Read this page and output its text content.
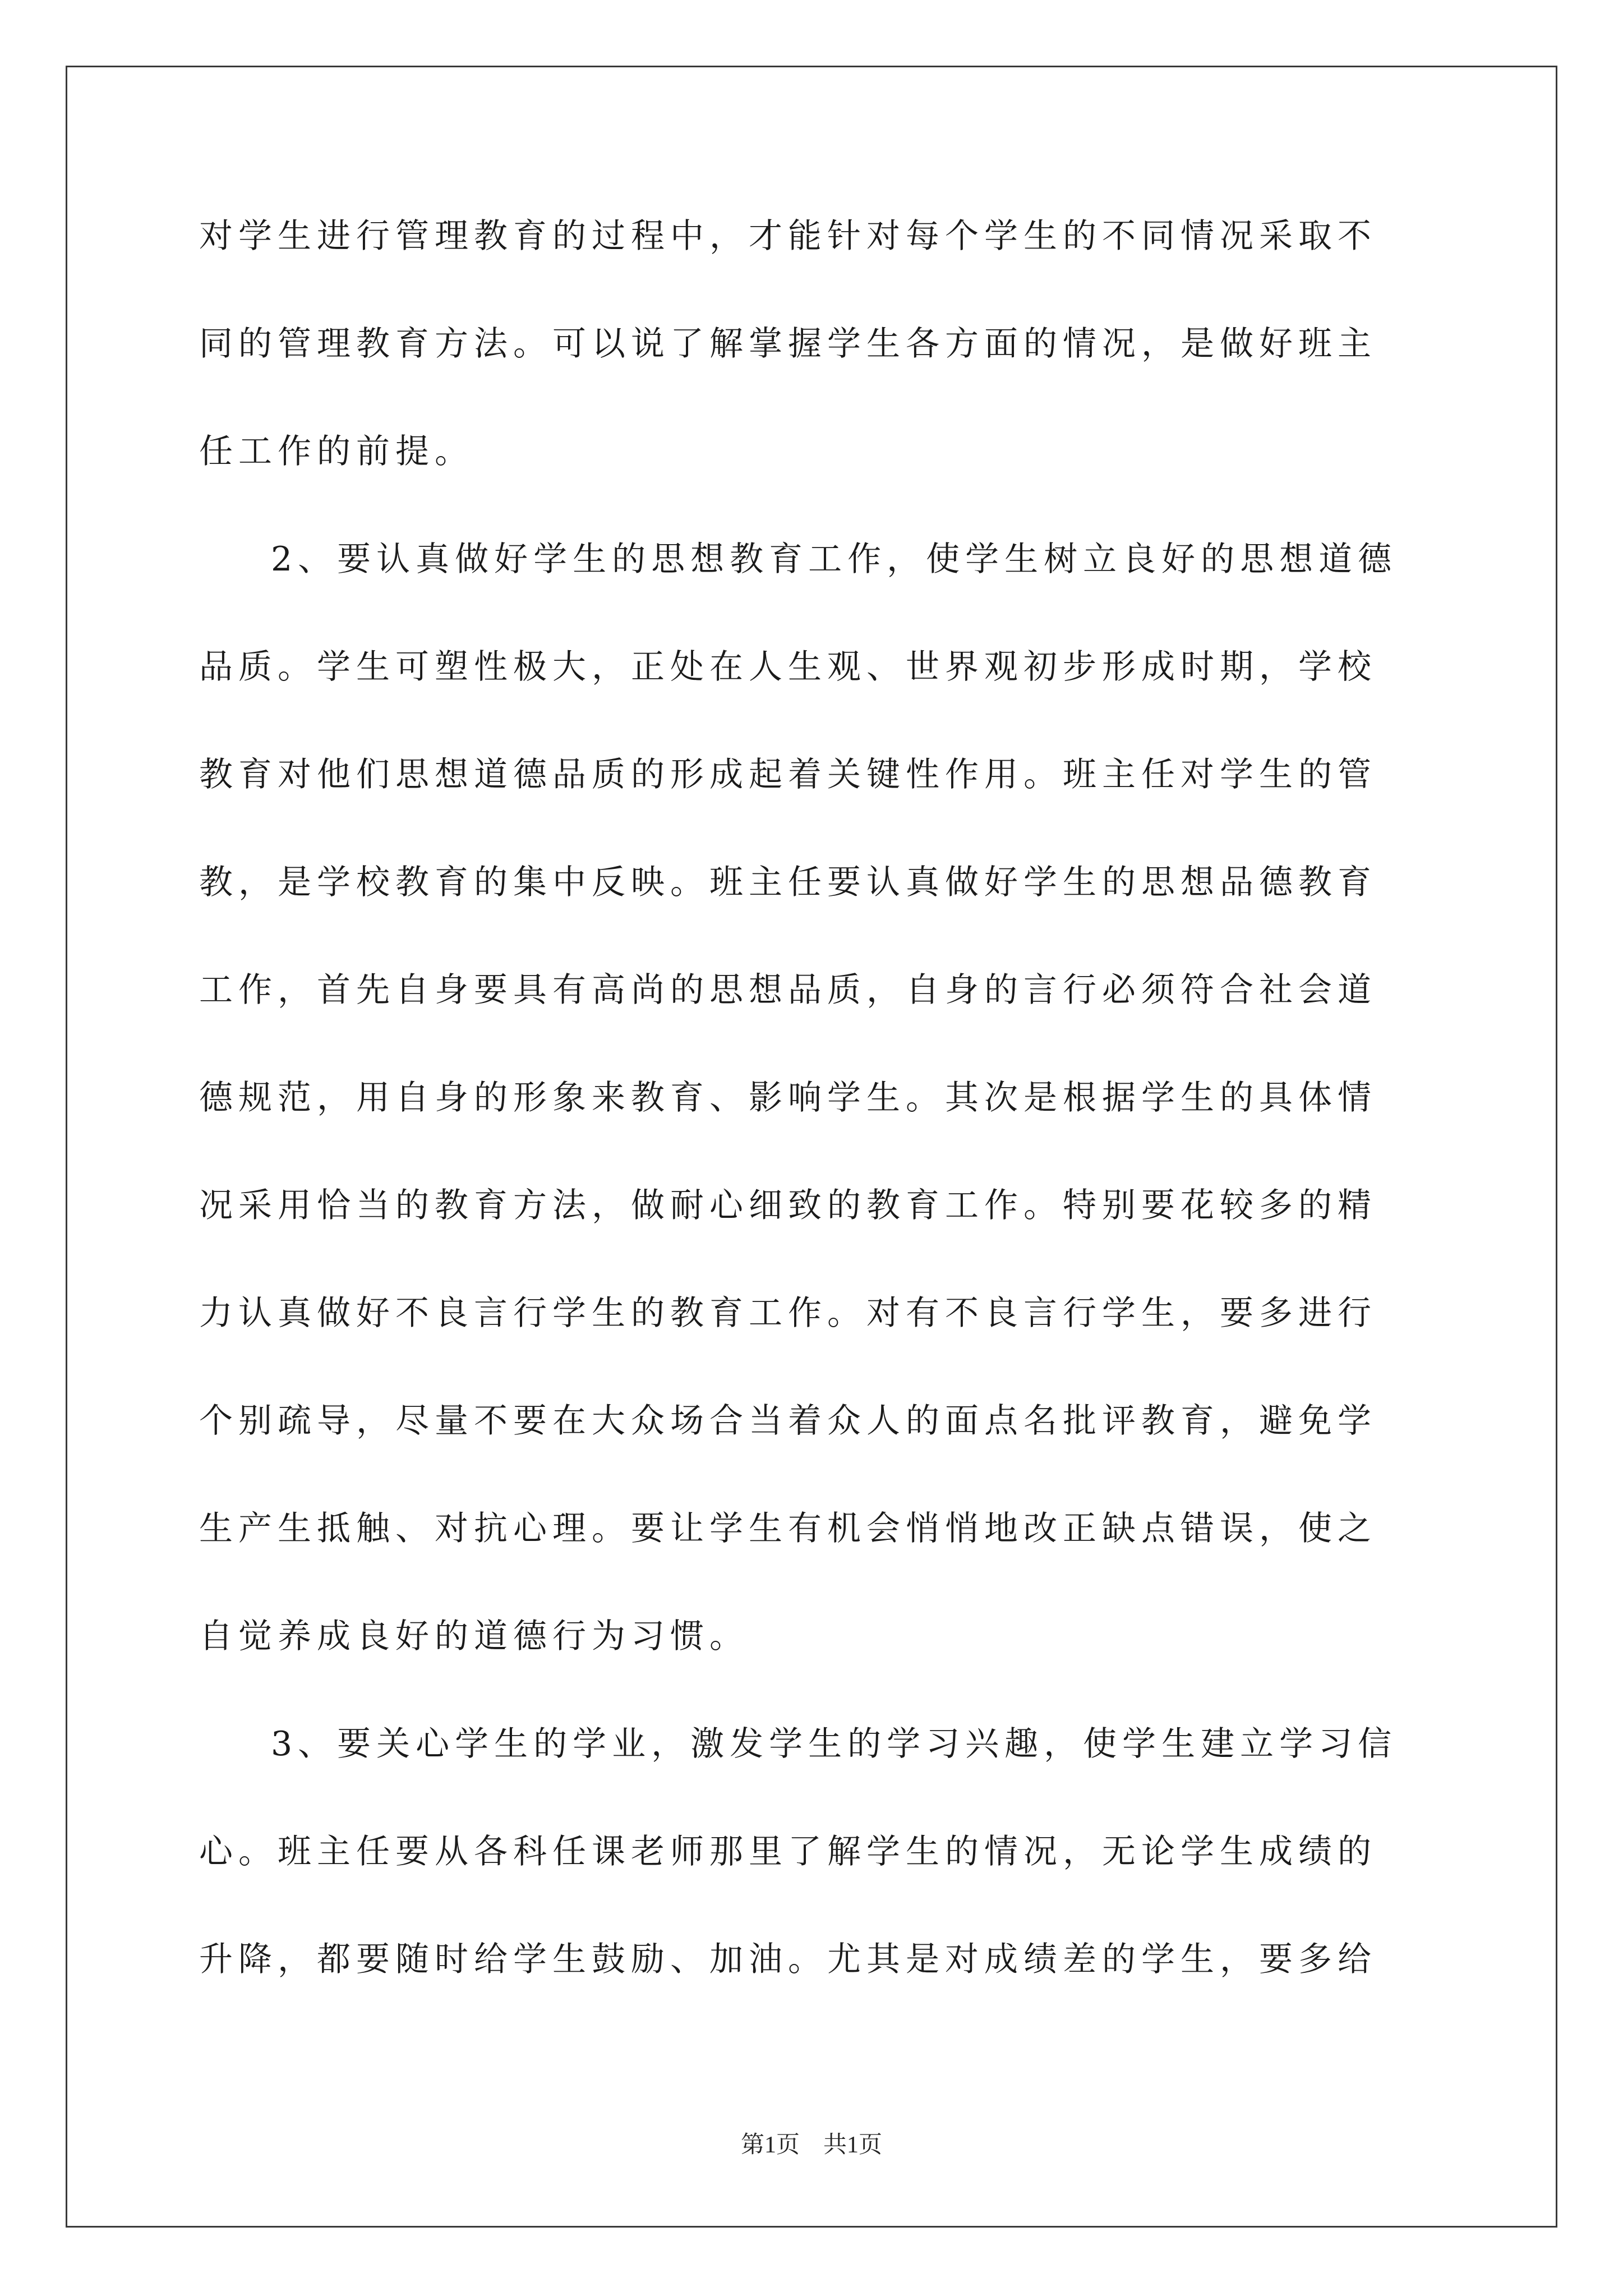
对学生进行管理教育的过程中，才能针对每个学生的不同情况采取不
同的管理教育方法。可以说了解掌握学生各方面的情况，是做好班主
任工作的前提。
2、要认真做好学生的思想教育工作，使学生树立良好的思想道德
品质。学生可塑性极大，正处在人生观、世界观初步形成时期，学校
教育对他们思想道德品质的形成起着关键性作用。班主任对学生的管
教，是学校教育的集中反映。班主任要认真做好学生的思想品德教育
工作，首先自身要具有高尚的思想品质，自身的言行必须符合社会道
德规范，用自身的形象来教育、影响学生。其次是根据学生的具体情
况采用恰当的教育方法，做耐心细致的教育工作。特别要花较多的精
力认真做好不良言行学生的教育工作。对有不良言行学生，要多进行
个别疏导，尽量不要在大众场合当着众人的面点名批评教育，避免学
生产生抵触、对抗心理。要让学生有机会悄悄地改正缺点错误，使之
自觉养成良好的道德行为习惯。
3、要关心学生的学业，激发学生的学习兴趣，使学生建立学习信
心。班主任要从各科任课老师那里了解学生的情况，无论学生成绩的
升降，都要随时给学生鼓励、加油。尤其是对成绩差的学生，要多给
第1页 共1页
